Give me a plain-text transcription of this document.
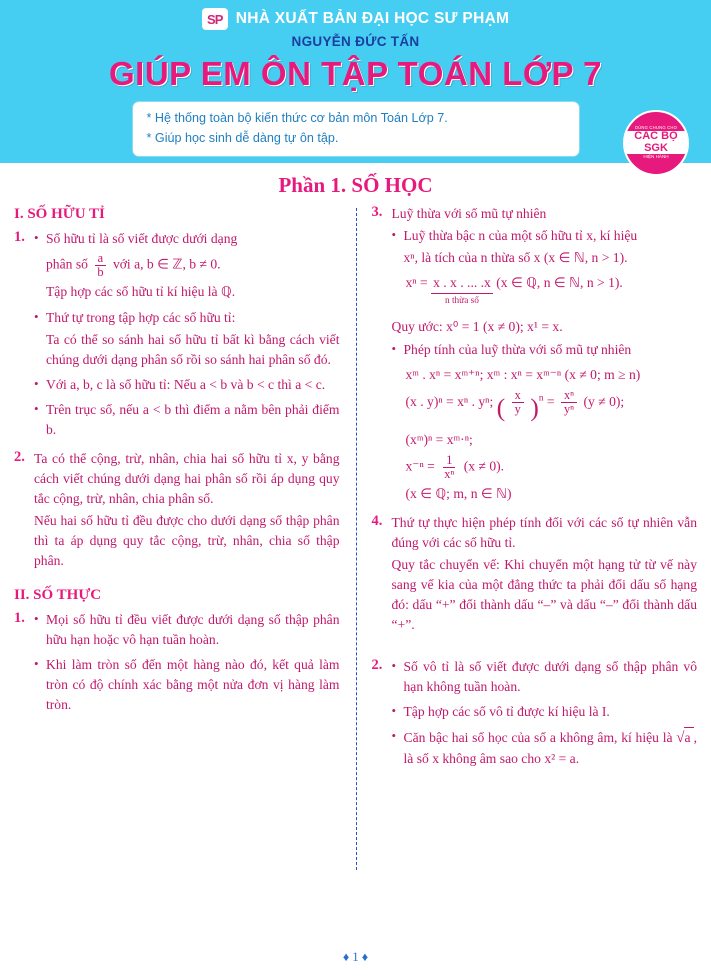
SP NHÀ XUẤT BẢN ĐẠI HỌC SƯ PHẠM
NGUYỄN ĐỨC TẤN
GIÚP EM ÔN TẬP TOÁN LỚP 7
* Hệ thống toàn bộ kiến thức cơ bản môn Toán Lớp 7.
* Giúp học sinh dễ dàng tự ôn tập.
DÙNG CHUNG CHO
CÁC BỘ SGK
HIỆN HÀNH
Phần 1. SỐ HỌC
I. SỐ HỮU TỈ
1. • Số hữu tỉ là số viết được dưới dạng

phân số $\frac{a}{b}$ với a, b ∈ ℤ, b ≠ 0.

Tập hợp các số hữu tỉ kí hiệu là ℚ.

• Thứ tự trong tập hợp các số hữu tỉ:

Ta có thể so sánh hai số hữu tỉ bất kì bằng cách viết chúng dưới dạng phân số rồi so sánh hai phân số đó.

• Với a, b, c là số hữu tỉ: Nếu a < b và b < c thì a < c.

• Trên trục số, nếu a < b thì điểm a nằm bên phải điểm b.

2. Ta có thể cộng, trừ, nhân, chia hai số hữu tỉ x, y bằng cách viết chúng dưới dạng hai phân số rồi áp dụng quy tắc cộng, trừ, nhân, chia phân số.

Nếu hai số hữu tỉ đều được cho dưới dạng số thập phân thì ta áp dụng quy tắc cộng, trừ, nhân, chia số thập phân.

II. SỐ THỰC
1. • Mọi số hữu tỉ đều viết được dưới dạng số thập phân hữu hạn hoặc vô hạn tuần hoàn.

• Khi làm tròn số đến một hàng nào đó, kết quả làm tròn có độ chính xác bằng một nửa đơn vị hàng làm tròn.

3. Luỹ thừa với số mũ tự nhiên

• Luỹ thừa bậc n của một số hữu tỉ x, kí hiệu

xⁿ, là tích của n thừa số x (x ∈ ℕ, n > 1).

xⁿ = x . x . ... .x
n thừa số
(x ∈ ℚ, n ∈ ℕ, n > 1).

Quy ước: x⁰ = 1 (x ≠ 0); x¹ = x.

• Phép tính của luỹ thừa với số mũ tự nhiên

xᵐ . xⁿ = xᵐ⁺ⁿ; xᵐ : xⁿ = xᵐ⁻ⁿ (x ≠ 0; m ≥ n)

(x . y)ⁿ = xⁿ . yⁿ; ( $\frac{x}{y} )^n = \frac{\text{xⁿ}}{\text{yⁿ}} (y \ne 0)$;

(xᵐ)ⁿ = xᵐ·ⁿ;

$x^{-n} = \frac{1}{\text{xⁿ}} (x \ne 0)$.

(x ∈ ℚ; m, n ∈ ℕ)

4. Thứ tự thực hiện phép tính đối với các số tự nhiên vẫn đúng với các số hữu tỉ.

Quy tắc chuyển vế: Khi chuyển một hạng tử từ vế này sang vế kia của một đẳng thức ta phải đổi dấu số hạng đó: dấu “+” đổi thành dấu “–” và dấu “–” đổi thành dấu “+”.

2. • Số vô tỉ là số viết được dưới dạng số thập phân vô hạn không tuần hoàn.

• Tập hợp các số vô tỉ được kí hiệu là I.

• Căn bậc hai số học của số a không âm, kí hiệu là √a , là số x không âm sao cho x² = a.

♦ 1 ♦
